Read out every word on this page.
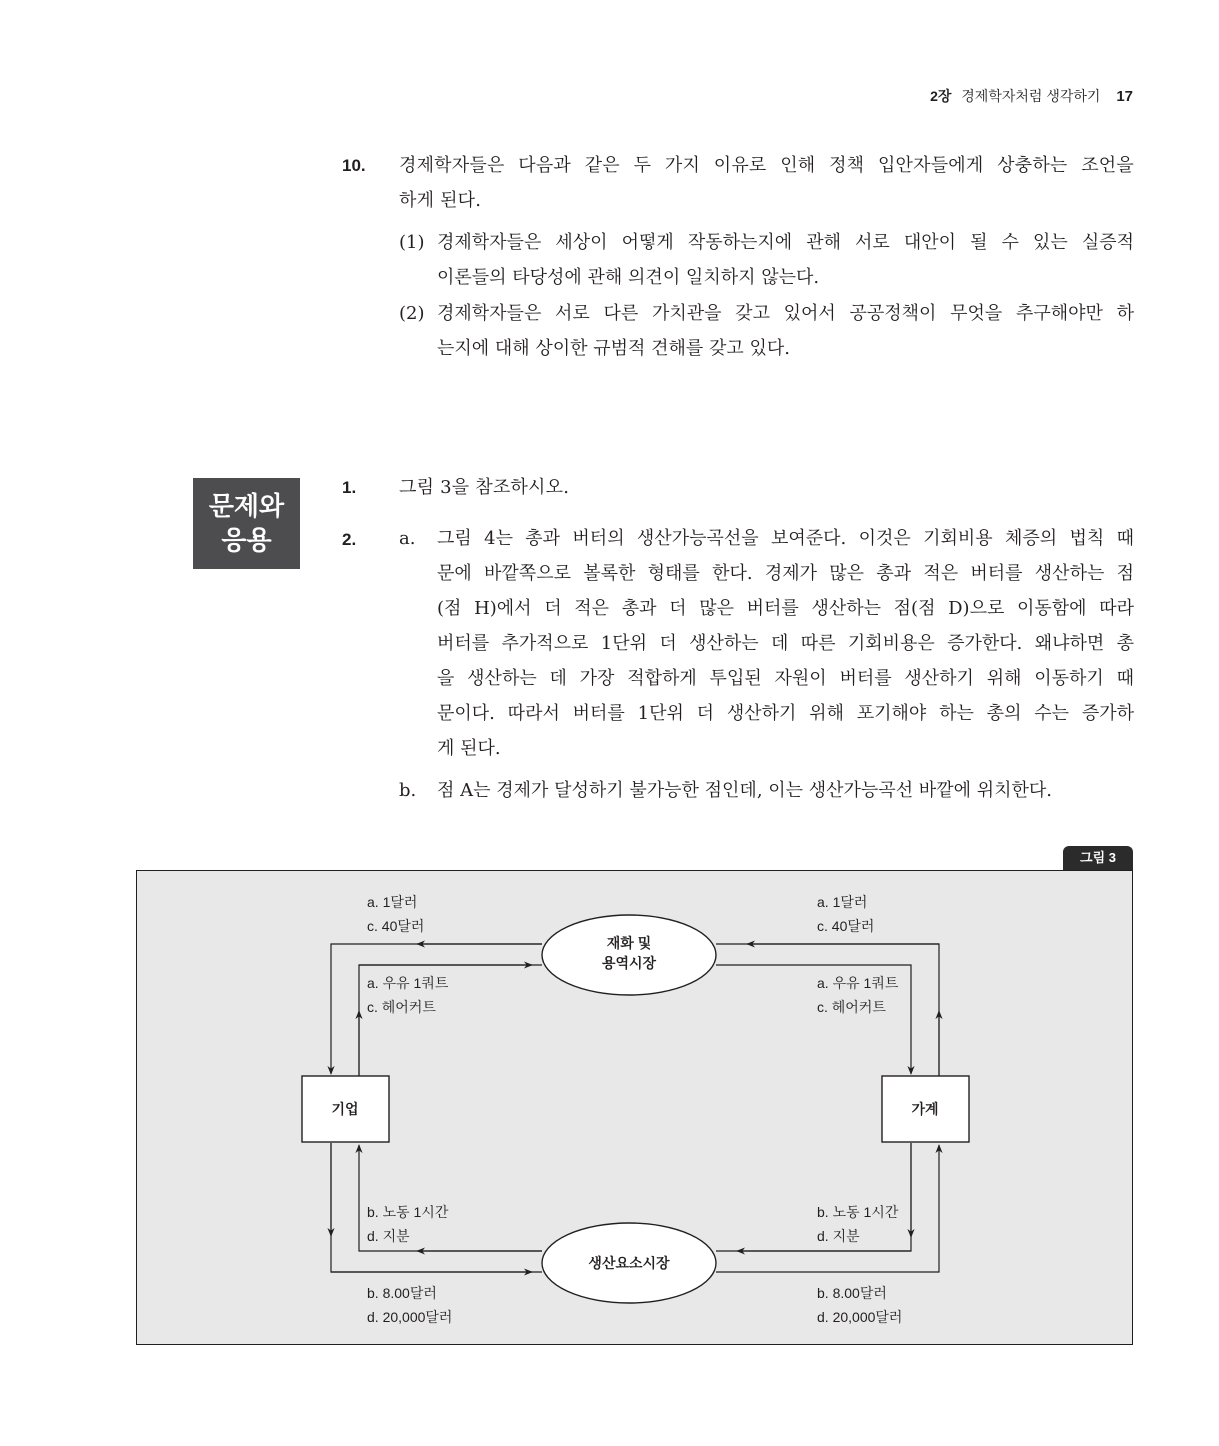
2장 경제학자처럼 생각하기 17
10. 경제학자들은 다음과 같은 두 가지 이유로 인해 정책 입안자들에게 상충하는 조언을
하게 된다.
(1) 경제학자들은 세상이 어떻게 작동하는지에 관해 서로 대안이 될 수 있는 실증적
이론들의 타당성에 관해 의견이 일치하지 않는다.
(2) 경제학자들은 서로 다른 가치관을 갖고 있어서 공공정책이 무엇을 추구해야만 하
는지에 대해 상이한 규범적 견해를 갖고 있다.
문제와
응용
1. 그림 3을 참조하시오.
2. a. 그림 4는 총과 버터의 생산가능곡선을 보여준다. 이것은 기회비용 체증의 법칙 때
문에 바깥쪽으로 볼록한 형태를 한다. 경제가 많은 총과 적은 버터를 생산하는 점
(점 H)에서 더 적은 총과 더 많은 버터를 생산하는 점(점 D)으로 이동함에 따라
버터를 추가적으로 1단위 더 생산하는 데 따른 기회비용은 증가한다. 왜냐하면 총
을 생산하는 데 가장 적합하게 투입된 자원이 버터를 생산하기 위해 이동하기 때
문이다. 따라서 버터를 1단위 더 생산하기 위해 포기해야 하는 총의 수는 증가하
게 된다.
b. 점 A는 경제가 달성하기 불가능한 점인데, 이는 생산가능곡선 바깥에 위치한다.
그림 3
재화 및
용역시장
생산요소시장
기업	가계
a. 1달러
c. 40달러
a. 1달러
c. 40달러
a. 우유 1쿼트
c. 헤어커트
a. 우유 1쿼트
c. 헤어커트
b. 노동 1시간
d. 지분
b. 노동 1시간
d. 지분
b. 8.00달러
d. 20,000달러
b. 8.00달러
d. 20,000달러
